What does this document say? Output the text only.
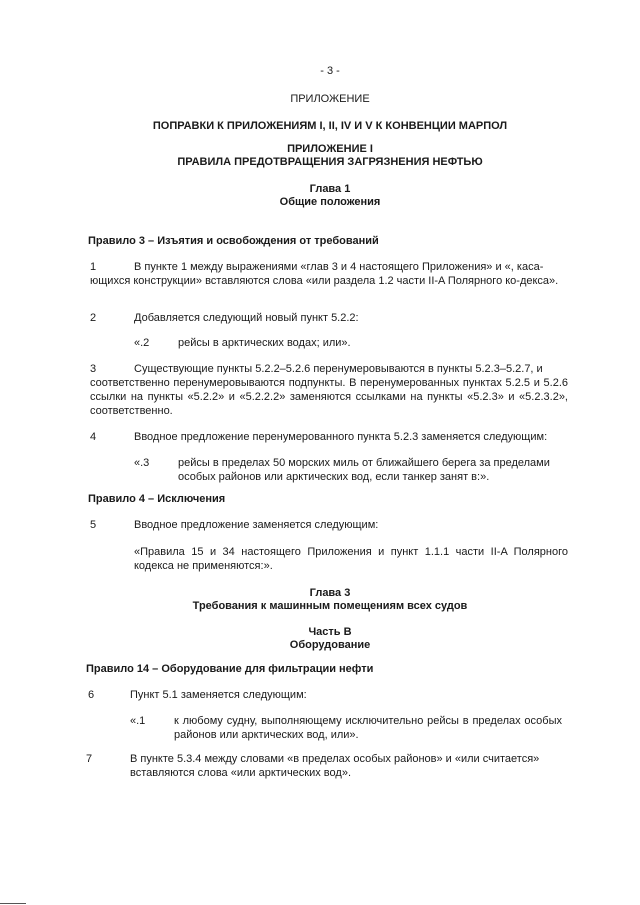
- 3 -

ПРИЛОЖЕНИЕ

ПОПРАВКИ К ПРИЛОЖЕНИЯМ I, II, IV И V К КОНВЕНЦИИ МАРПОЛ

ПРИЛОЖЕНИЕ I

ПРАВИЛА ПРЕДОТВРАЩЕНИЯ ЗАГРЯЗНЕНИЯ НЕФТЬЮ

Глава 1

Общие положения

Правило 3 – Изъятия и освобождения от требований

1	В пункте 1 между выражениями «глав 3 и 4 настоящего Приложения» и «, каса-

ющихся конструкции» вставляются слова «или раздела 1.2 части II-A Полярного ко-декса».

2	Добавляется следующий новый пункт 5.2.2:

«.2	рейсы в арктических водах; или».

3	Существующие пункты 5.2.2–5.2.6 перенумеровываются в пункты 5.2.3–5.2.7, и

соответственно перенумеровываются подпункты. В перенумерованных пунктах 5.2.5 и 5.2.6 ссылки на пункты «5.2.2» и «5.2.2.2» заменяются ссылками на пункты «5.2.3» и «5.2.3.2», соответственно.

4	Вводное предложение перенумерованного пункта 5.2.3 заменяется следующим:

«.3	рейсы в пределах 50 морских миль от ближайшего берега за пределами особых районов или арктических вод, если танкер занят в:».

Правило 4 – Исключения

5	Вводное предложение заменяется следующим:

«Правила 15 и 34 настоящего Приложения и пункт 1.1.1 части II-A Полярного кодекса не применяются:».

Глава 3

Требования к машинным помещениям всех судов

Часть B

Оборудование

Правило 14 – Оборудование для фильтрации нефти

6	Пункт 5.1 заменяется следующим:

«.1	к любому судну, выполняющему исключительно рейсы в пределах особых районов или арктических вод, или».

7	В пункте 5.3.4 между словами «в пределах особых районов» и «или считается» вставляются слова «или арктических вод».
